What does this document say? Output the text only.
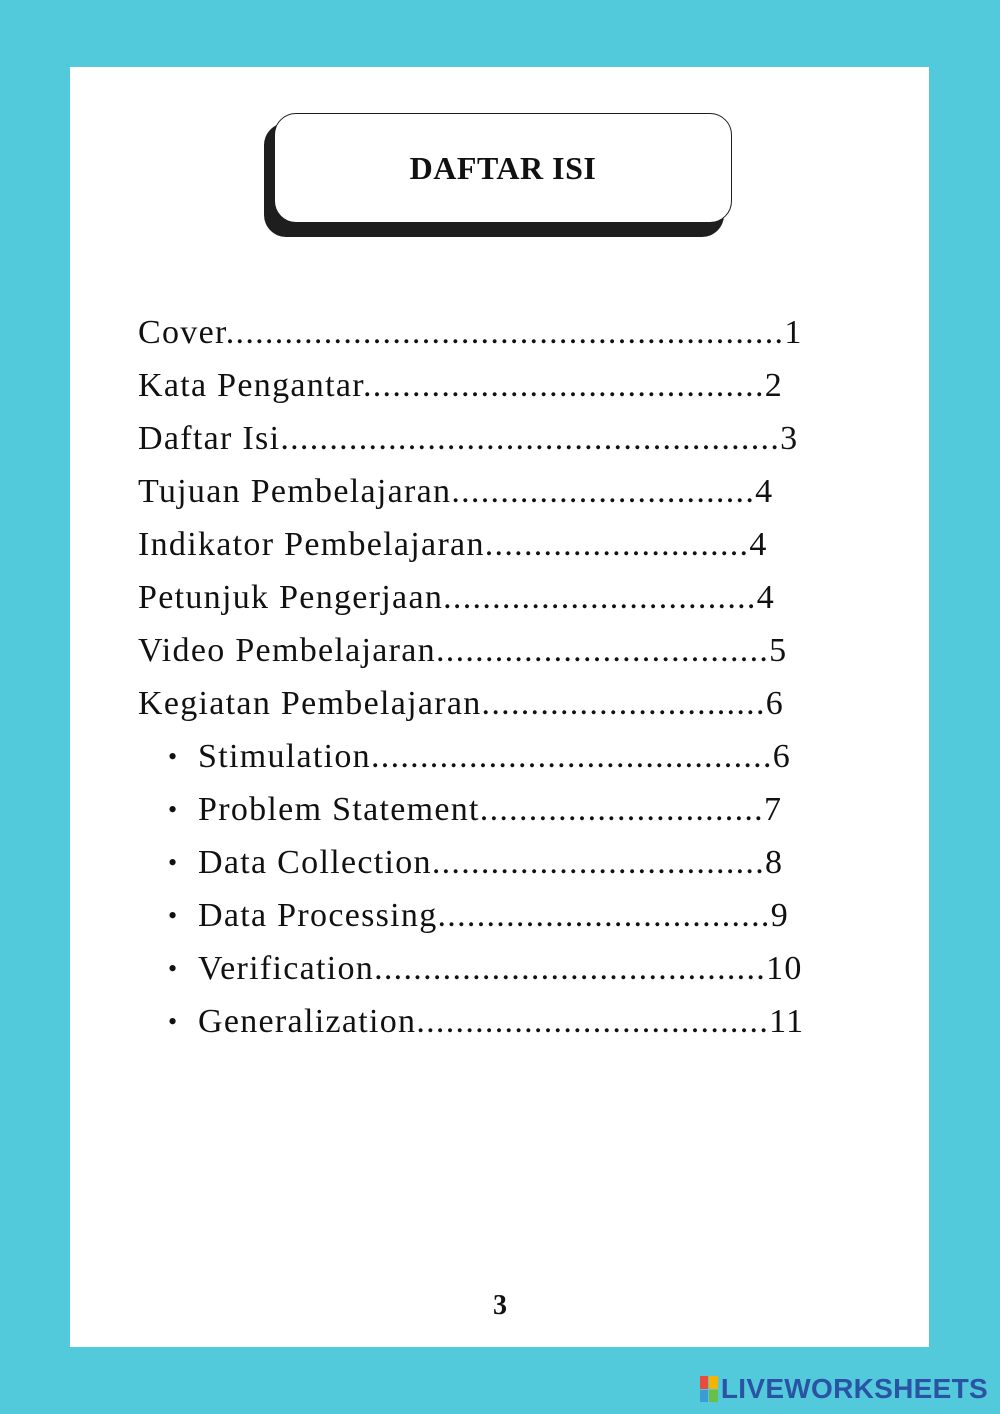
DAFTAR ISI
Cover.........................................................1
Kata Pengantar.........................................2
Daftar Isi...................................................3
Tujuan Pembelajaran...............................4
Indikator Pembelajaran...........................4
Petunjuk Pengerjaan................................4
Video Pembelajaran..................................5
Kegiatan Pembelajaran.............................6
• Stimulation.........................................6
• Problem Statement.............................7
• Data Collection..................................8
• Data Processing..................................9
• Verification........................................10
• Generalization....................................11
3
LIVEWORKSHEETS
